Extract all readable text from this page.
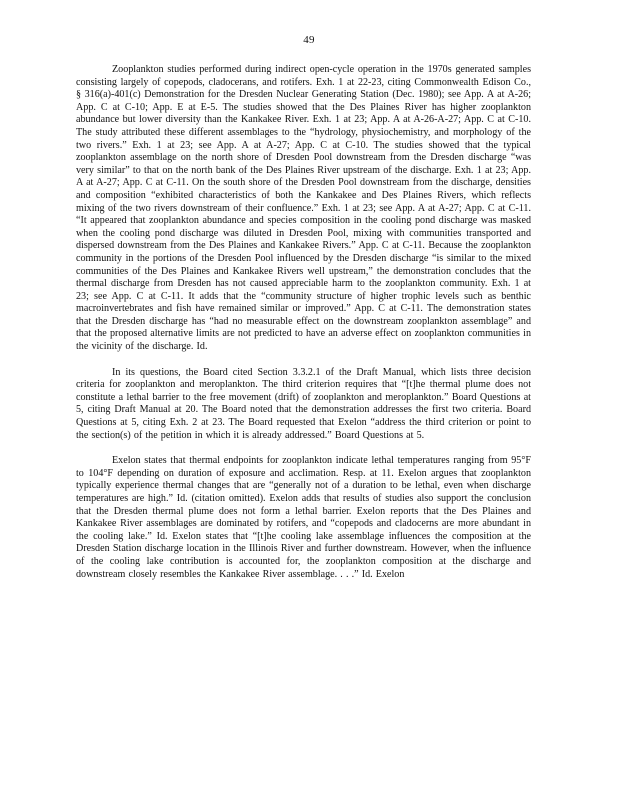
49

Zooplankton studies performed during indirect open-cycle operation in the 1970s generated samples consisting largely of copepods, cladocerans, and rotifers. Exh. 1 at 22-23, citing Commonwealth Edison Co., § 316(a)-401(c) Demonstration for the Dresden Nuclear Generating Station (Dec. 1980); see App. A at A-26; App. C at C-10; App. E at E-5. The studies showed that the Des Plaines River has higher zooplankton abundance but lower diversity than the Kankakee River. Exh. 1 at 23; App. A at A-26-A-27; App. C at C-10. The study attributed these different assemblages to the “hydrology, physiochemistry, and morphology of the two rivers.” Exh. 1 at 23; see App. A at A-27; App. C at C-10. The studies showed that the typical zooplankton assemblage on the north shore of Dresden Pool downstream from the Dresden discharge “was very similar” to that on the north bank of the Des Plaines River upstream of the discharge. Exh. 1 at 23; App. A at A-27; App. C at C-11. On the south shore of the Dresden Pool downstream from the discharge, densities and composition “exhibited characteristics of both the Kankakee and Des Plaines Rivers, which reflects mixing of the two rivers downstream of their confluence.” Exh. 1 at 23; see App. A at A-27; App. C at C-11. “It appeared that zooplankton abundance and species composition in the cooling pond discharge was masked when the cooling pond discharge was diluted in Dresden Pool, mixing with communities transported and dispersed downstream from the Des Plaines and Kankakee Rivers.” App. C at C-11. Because the zooplankton community in the portions of the Dresden Pool influenced by the Dresden discharge “is similar to the mixed communities of the Des Plaines and Kankakee Rivers well upstream,” the demonstration concludes that the thermal discharge from Dresden has not caused appreciable harm to the zooplankton community. Exh. 1 at 23; see App. C at C-11. It adds that the “community structure of higher trophic levels such as benthic macroinvertebrates and fish have remained similar or improved.” App. C at C-11. The demonstration states that the Dresden discharge has “had no measurable effect on the downstream zooplankton assemblage” and that the proposed alternative limits are not predicted to have an adverse effect on zooplankton communities in the vicinity of the discharge. Id.

In its questions, the Board cited Section 3.3.2.1 of the Draft Manual, which lists three decision criteria for zooplankton and meroplankton. The third criterion requires that “[t]he thermal plume does not constitute a lethal barrier to the free movement (drift) of zooplankton and meroplankton.” Board Questions at 5, citing Draft Manual at 20. The Board noted that the demonstration addresses the first two criteria. Board Questions at 5, citing Exh. 2 at 23. The Board requested that Exelon “address the third criterion or point to the section(s) of the petition in which it is already addressed.” Board Questions at 5.

Exelon states that thermal endpoints for zooplankton indicate lethal temperatures ranging from 95°F to 104°F depending on duration of exposure and acclimation. Resp. at 11. Exelon argues that zooplankton typically experience thermal changes that are “generally not of a duration to be lethal, even when discharge temperatures are high.” Id. (citation omitted). Exelon adds that results of studies also support the conclusion that the Dresden thermal plume does not form a lethal barrier. Exelon reports that the Des Plaines and Kankakee River assemblages are dominated by rotifers, and “copepods and cladocerns are more abundant in the cooling lake.” Id. Exelon states that “[t]he cooling lake assemblage influences the composition at the Dresden Station discharge location in the Illinois River and further downstream. However, when the influence of the cooling lake contribution is accounted for, the zooplankton composition at the discharge and downstream closely resembles the Kankakee River assemblage. . . .” Id. Exelon
